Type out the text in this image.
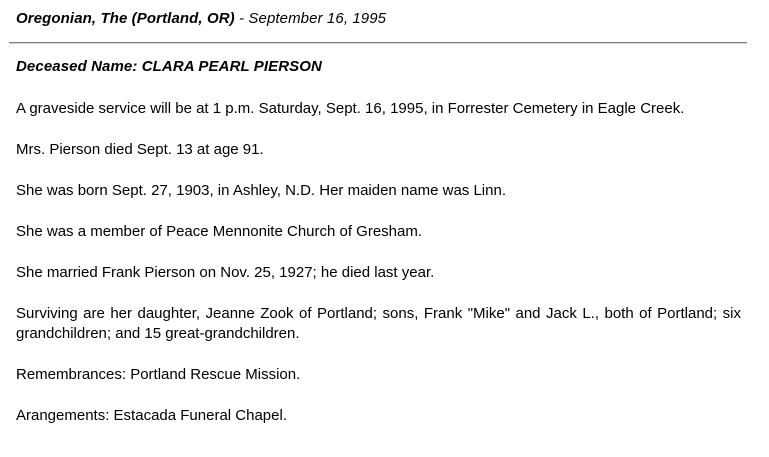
Oregonian, The (Portland, OR) - September 16, 1995
Deceased Name: CLARA PEARL PIERSON

A graveside service will be at 1 p.m. Saturday, Sept. 16, 1995, in Forrester Cemetery in Eagle Creek.

Mrs. Pierson died Sept. 13 at age 91.

She was born Sept. 27, 1903, in Ashley, N.D. Her maiden name was Linn.

She was a member of Peace Mennonite Church of Gresham.

She married Frank Pierson on Nov. 25, 1927; he died last year.

Surviving are her daughter, Jeanne Zook of Portland; sons, Frank "Mike" and Jack L., both of Portland; six grandchildren; and 15 great-grandchildren.

Remembrances: Portland Rescue Mission.

Arangements: Estacada Funeral Chapel.
